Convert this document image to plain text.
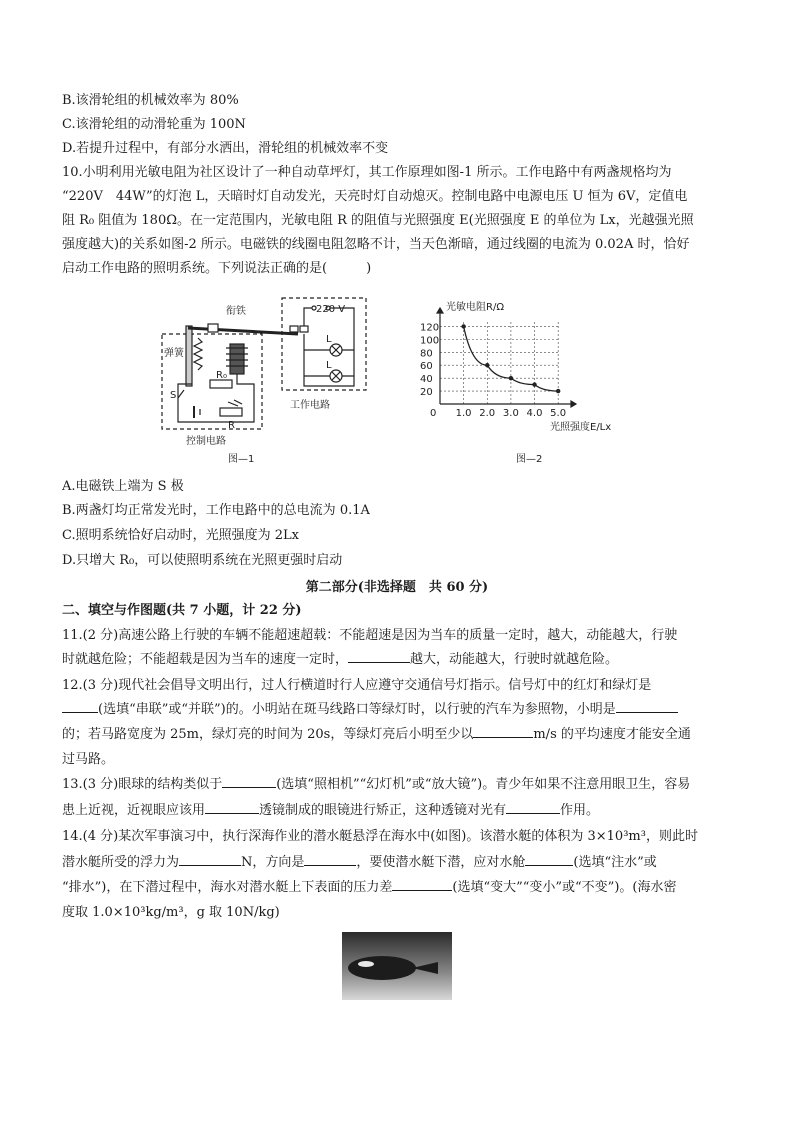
B.该滑轮组的机械效率为 80%
C.该滑轮组的动滑轮重为 100N
D.若提升过程中，有部分水洒出，滑轮组的机械效率不变
10.小明利用光敏电阻为社区设计了一种自动草坪灯，其工作原理如图-1 所示。工作电路中有两盏规格均为
“220V　44W”的灯泡 L，天暗时灯自动发光，天亮时灯自动熄灭。控制电路中电源电压 U 恒为 6V，定值电
阻 R₀ 阻值为 180Ω。在一定范围内，光敏电阻 R 的阻值与光照强度 E(光照强度 E 的单位为 Lx，光越强光照
强度越大)的关系如图-2 所示。电磁铁的线圈电阻忽略不计，当天色渐暗，通过线圈的电流为 0.02A 时，恰好
启动工作电路的照明系统。下列说法正确的是(　　　)
衔铁
弹簧
220 V
L
L
S
R₀
R
工作电路
控制电路
图—1
1.0 2.0 3.0 4.0 5.0
20
40
60
80
100
120
光敏电阻R/Ω
光照强度E/Lx
0
图—2
A.电磁铁上端为 S 极
B.两盏灯均正常发光时，工作电路中的总电流为 0.1A
C.照明系统恰好启动时，光照强度为 2Lx
D.只增大 R₀，可以使照明系统在光照更强时启动
第二部分(非选择题　共 60 分)
二、填空与作图题(共 7 小题，计 22 分)
11.(2 分)高速公路上行驶的车辆不能超速超载：不能超速是因为当车的质量一定时，越大，动能越大，行驶
时就越危险；不能超载是因为当车的速度一定时，	越大，动能越大，行驶时就越危险。
12.(3 分)现代社会倡导文明出行，过人行横道时行人应遵守交通信号灯指示。信号灯中的红灯和绿灯是
(选填“串联”或“并联”)的。小明站在斑马线路口等绿灯时，以行驶的汽车为参照物，小明是
的；若马路宽度为 25m，绿灯亮的时间为 20s，等绿灯亮后小明至少以	m/s 的平均速度才能安全通
过马路。
13.(3 分)眼球的结构类似于	(选填“照相机”“幻灯机”或“放大镜”)。青少年如果不注意用眼卫生，容易
患上近视，近视眼应该用	透镜制成的眼镜进行矫正，这种透镜对光有	作用。
14.(4 分)某次军事演习中，执行深海作业的潜水艇悬浮在海水中(如图)。该潜水艇的体积为 3×10³m³，则此时
潜水艇所受的浮力为	N，方向是	，要使潜水艇下潜，应对水舱	(选填“注水”或
“排水”)，在下潜过程中，海水对潜水艇上下表面的压力差	(选填“变大”“变小”或“不变”)。(海水密
度取 1.0×10³kg/m³，g 取 10N/kg)
